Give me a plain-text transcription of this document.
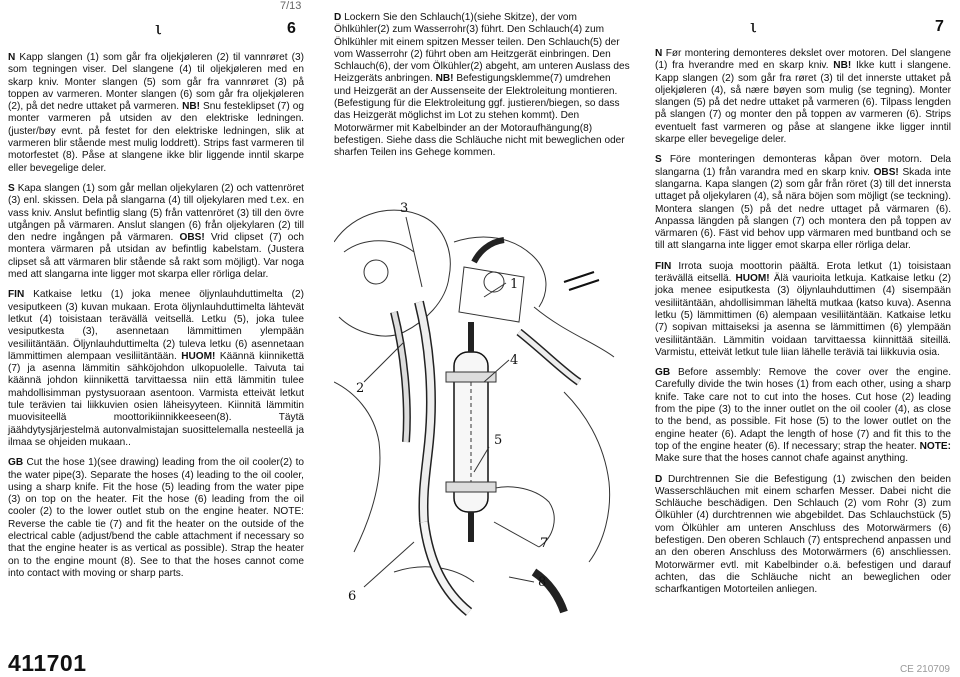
7/13
ι	6	ι	7

N Kapp slangen (1) som går fra oljekjøleren (2) til vannrøret (3) som tegningen viser. Del slangene (4) til oljekjøleren med en skarp kniv. Monter slangen (5) som går fra vannrøret (3) på toppen av varmeren. Monter slangen (6) som går fra oljekjøleren (2), på det nedre uttaket på varmeren. NB! Snu festeklipset (7) og monter varmeren på utsiden av den elektriske ledningen. (juster/bøy evnt. på festet for den elektriske ledningen, slik at varmeren blir stående mest mulig loddrett). Strips fast varmeren til motorfestet (8). Påse at slangene ikke blir liggende inntil skarpe eller bevegelige deler.

S Kapa slangen (1) som går mellan oljekylaren (2) och vattenröret (3) enl. skissen. Dela på slangarna (4) till oljekylaren med t.ex. en vass kniv. Anslut befintlig slang (5) från vattenröret (3) till den övre utgången på värmaren. Anslut slangen (6) från oljekylaren (2) till den nedre ingången på värmaren. OBS! Vrid clipset (7) och montera värmaren på utsidan av befintlig kabelstam. (Justera clipset så att värmaren blir stående så rakt som möjligt). Var noga med att slangarna inte ligger mot skarpa eller rörliga delar.

FIN Katkaise letku (1) joka menee öljynlauhduttimelta (2) vesiputkeen (3) kuvan mukaan. Erota öljynlauhduttimelta lähtevät letkut (4) toisistaan terävällä veitsellä. Letku (5), joka tulee vesiputkesta (3), asennetaan lämmittimen ylempään vesiliitäntään. Öljynlauhduttimelta (2) tuleva letku (6) asennetaan lämmittimen alempaan vesiliitäntään. HUOM! Käännä kiinnikettä (7) ja asenna lämmitin sähköjohdon ulkopuolelle. Taivuta tai käännä johdon kiinnikettä tarvittaessa niin että lämmitin tulee mahdollisimman pystysuoraan asentoon. Varmista etteivät letkut tule terävien tai liikkuvien osien läheisyyteen. Kiinnitä lämmitin muovisiteellä moottorikiinnikkeeseen(8). Täytä jäähdytysjärjestelmä autonvalmistajan suosittelemalla nesteellä ja ilmaa se ohjeiden mukaan..

GB Cut the hose 1)(see drawing) leading from the oil cooler(2) to the water pipe(3). Separate the hoses (4) leading to the oil cooler, using a sharp knife. Fit the hose (5) leading from the water pipe (3) on top on the heater. Fit the hose (6) leading from the oil cooler (2) to the lower outlet stub on the engine heater. NOTE: Reverse the cable tie (7) and fit the heater on the outside of the electrical cable (adjust/bend the cable attachment if necessary so that the engine heater is as vertical as possible). Strap the heater on to the engine mount (8). See to that the hoses cannot come into contact with moving or sharp parts.

D Lockern Sie den Schlauch(1)(siehe Skitze), der vom Öhlkühler(2) zum Wasserrohr(3) führt. Den Schlauch(4) zum Öhlkühler mit einem spitzen Messer teilen. Den Schlauch(5) der vom Wasserrohr (2) führt oben am Heitzgerät einbringen. Den Schlauch(6), der vom Ölkühler(2) abgeht, am unteren Auslass des Heizgeräts anbringen. NB! Befestigungsklemme(7) umdrehen und Heizgerät an der Aussenseite der Elektroleitung montieren. (Befestigung für die Elektroleitung ggf. justieren/biegen, so dass das Heizgerät möglichst im Lot zu stehen kommt). Den Motorwärmer mit Kabelbinder an der Motoraufhängung(8) befestigen. Siehe dass die Schläuche nicht mit beweglichen oder sharfen Teilen ins Gehege kommen.

3
1
2
4
5
6
7
8

N Før montering demonteres dekslet over motoren. Del slangene (1) fra hverandre med en skarp kniv. NB! Ikke kutt i slangene. Kapp slangen (2) som går fra røret (3) til det innerste uttaket på oljekjøleren (4), så nære bøyen som mulig (se tegning). Monter slangen (5) på det nedre uttaket på varmeren (6). Tilpass lengden på slangen (7) og monter den på toppen av varmeren (6). Strips eventuelt fast varmeren og påse at slangene ikke ligger inntil skarpe eller bevegelige deler.

S Före monteringen demonteras kåpan över motorn. Dela slangarna (1) från varandra med en skarp kniv. OBS! Skada inte slangarna. Kapa slangen (2) som går från röret (3) till det innersta uttaget på oljekylaren (4), så nära böjen som möjligt (se teckning). Montera slangen (5) på det nedre uttaget på värmaren (6). Anpassa längden på slangen (7) och montera den på toppen av värmaren (6). Fäst vid behov upp värmaren med buntband och se till att slangarna inte ligger emot skarpa eller rörliga delar.

FIN Irrota suoja moottorin päältä. Erota letkut (1) toisistaan terävällä eitsellä. HUOM! Älä vaurioita letkuja. Katkaise letku (2) joka menee esiputkesta (3) öljynlauhduttimen (4) sisempään vesiliitäntään, ahdollisimman läheltä mutkaa (katso kuva). Asenna letku (5) lämmittimen (6) alempaan vesiliitäntään. Katkaise letku (7) sopivan mittaiseksi ja asenna se lämmittimen (6) ylempään vesiliitäntään. Lämmitin voidaan tarvittaessa kiinnittää siteillä. Varmistu, etteivät letkut tule liian lähelle teräviä tai liikkuvia osia.

GB Before assembly: Remove the cover over the engine. Carefully divide the twin hoses (1) from each other, using a sharp knife. Take care not to cut into the hoses. Cut hose (2) leading from the pipe (3) to the inner outlet on the oil cooler (4), as close to the bend, as possible. Fit hose (5) to the lower outlet on the engine heater (6). Adapt the length of hose (7) and fit this to the top of the engine heater (6). If necessary; strap the heater. NOTE: Make sure that the hoses cannot chafe against anything.

D Durchtrennen Sie die Befestigung (1) zwischen den beiden Wasserschläuchen mit einem scharfen Messer. Dabei nicht die Schläuche beschädigen. Den Schlauch (2) vom Rohr (3) zum Ölkühler (4) durchtrennen wie abgebildet. Das Schlauchstück (5) vom Ölkühler am unteren Anschluss des Motorwärmers (6) befestigen. Den oberen Schlauch (7) entsprechend anpassen und an den oberen Anschluss des Motorwärmers (6) anschliessen. Motorwärmer evtl. mit Kabelbinder o.ä. befestigen und darauf achten, das die Schläuche nicht an beweglichen oder scharfkantigen Motorteilen anliegen.

411701	CE 210709
